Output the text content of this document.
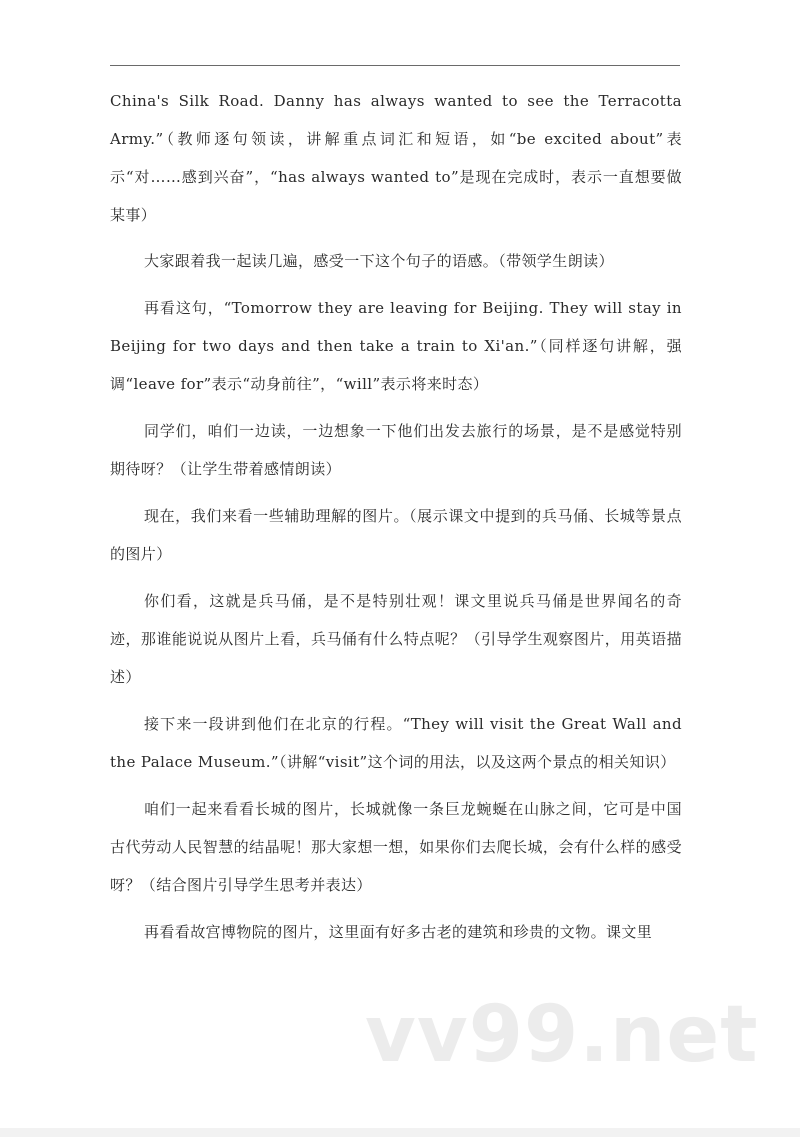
China's Silk Road. Danny has always wanted to see the Terracotta Army.”（教师逐句领读，讲解重点词汇和短语，如“be excited about”表示“对……感到兴奋”，“has always wanted to”是现在完成时，表示一直想要做某事）

大家跟着我一起读几遍，感受一下这个句子的语感。（带领学生朗读）

再看这句，“Tomorrow they are leaving for Beijing. They will stay in Beijing for two days and then take a train to Xi'an.”（同样逐句讲解，强调“leave for”表示“动身前往”，“will”表示将来时态）

同学们，咱们一边读，一边想象一下他们出发去旅行的场景，是不是感觉特别期待呀？（让学生带着感情朗读）

现在，我们来看一些辅助理解的图片。（展示课文中提到的兵马俑、长城等景点的图片）

你们看，这就是兵马俑，是不是特别壮观！课文里说兵马俑是世界闻名的奇迹，那谁能说说从图片上看，兵马俑有什么特点呢？（引导学生观察图片，用英语描述）

接下来一段讲到他们在北京的行程。“They will visit the Great Wall and the Palace Museum.”（讲解“visit”这个词的用法，以及这两个景点的相关知识）

咱们一起来看看长城的图片，长城就像一条巨龙蜿蜒在山脉之间，它可是中国古代劳动人民智慧的结晶呢！那大家想一想，如果你们去爬长城，会有什么样的感受呀？（结合图片引导学生思考并表达）

再看看故宫博物院的图片，这里面有好多古老的建筑和珍贵的文物。课文里

vv99.net
